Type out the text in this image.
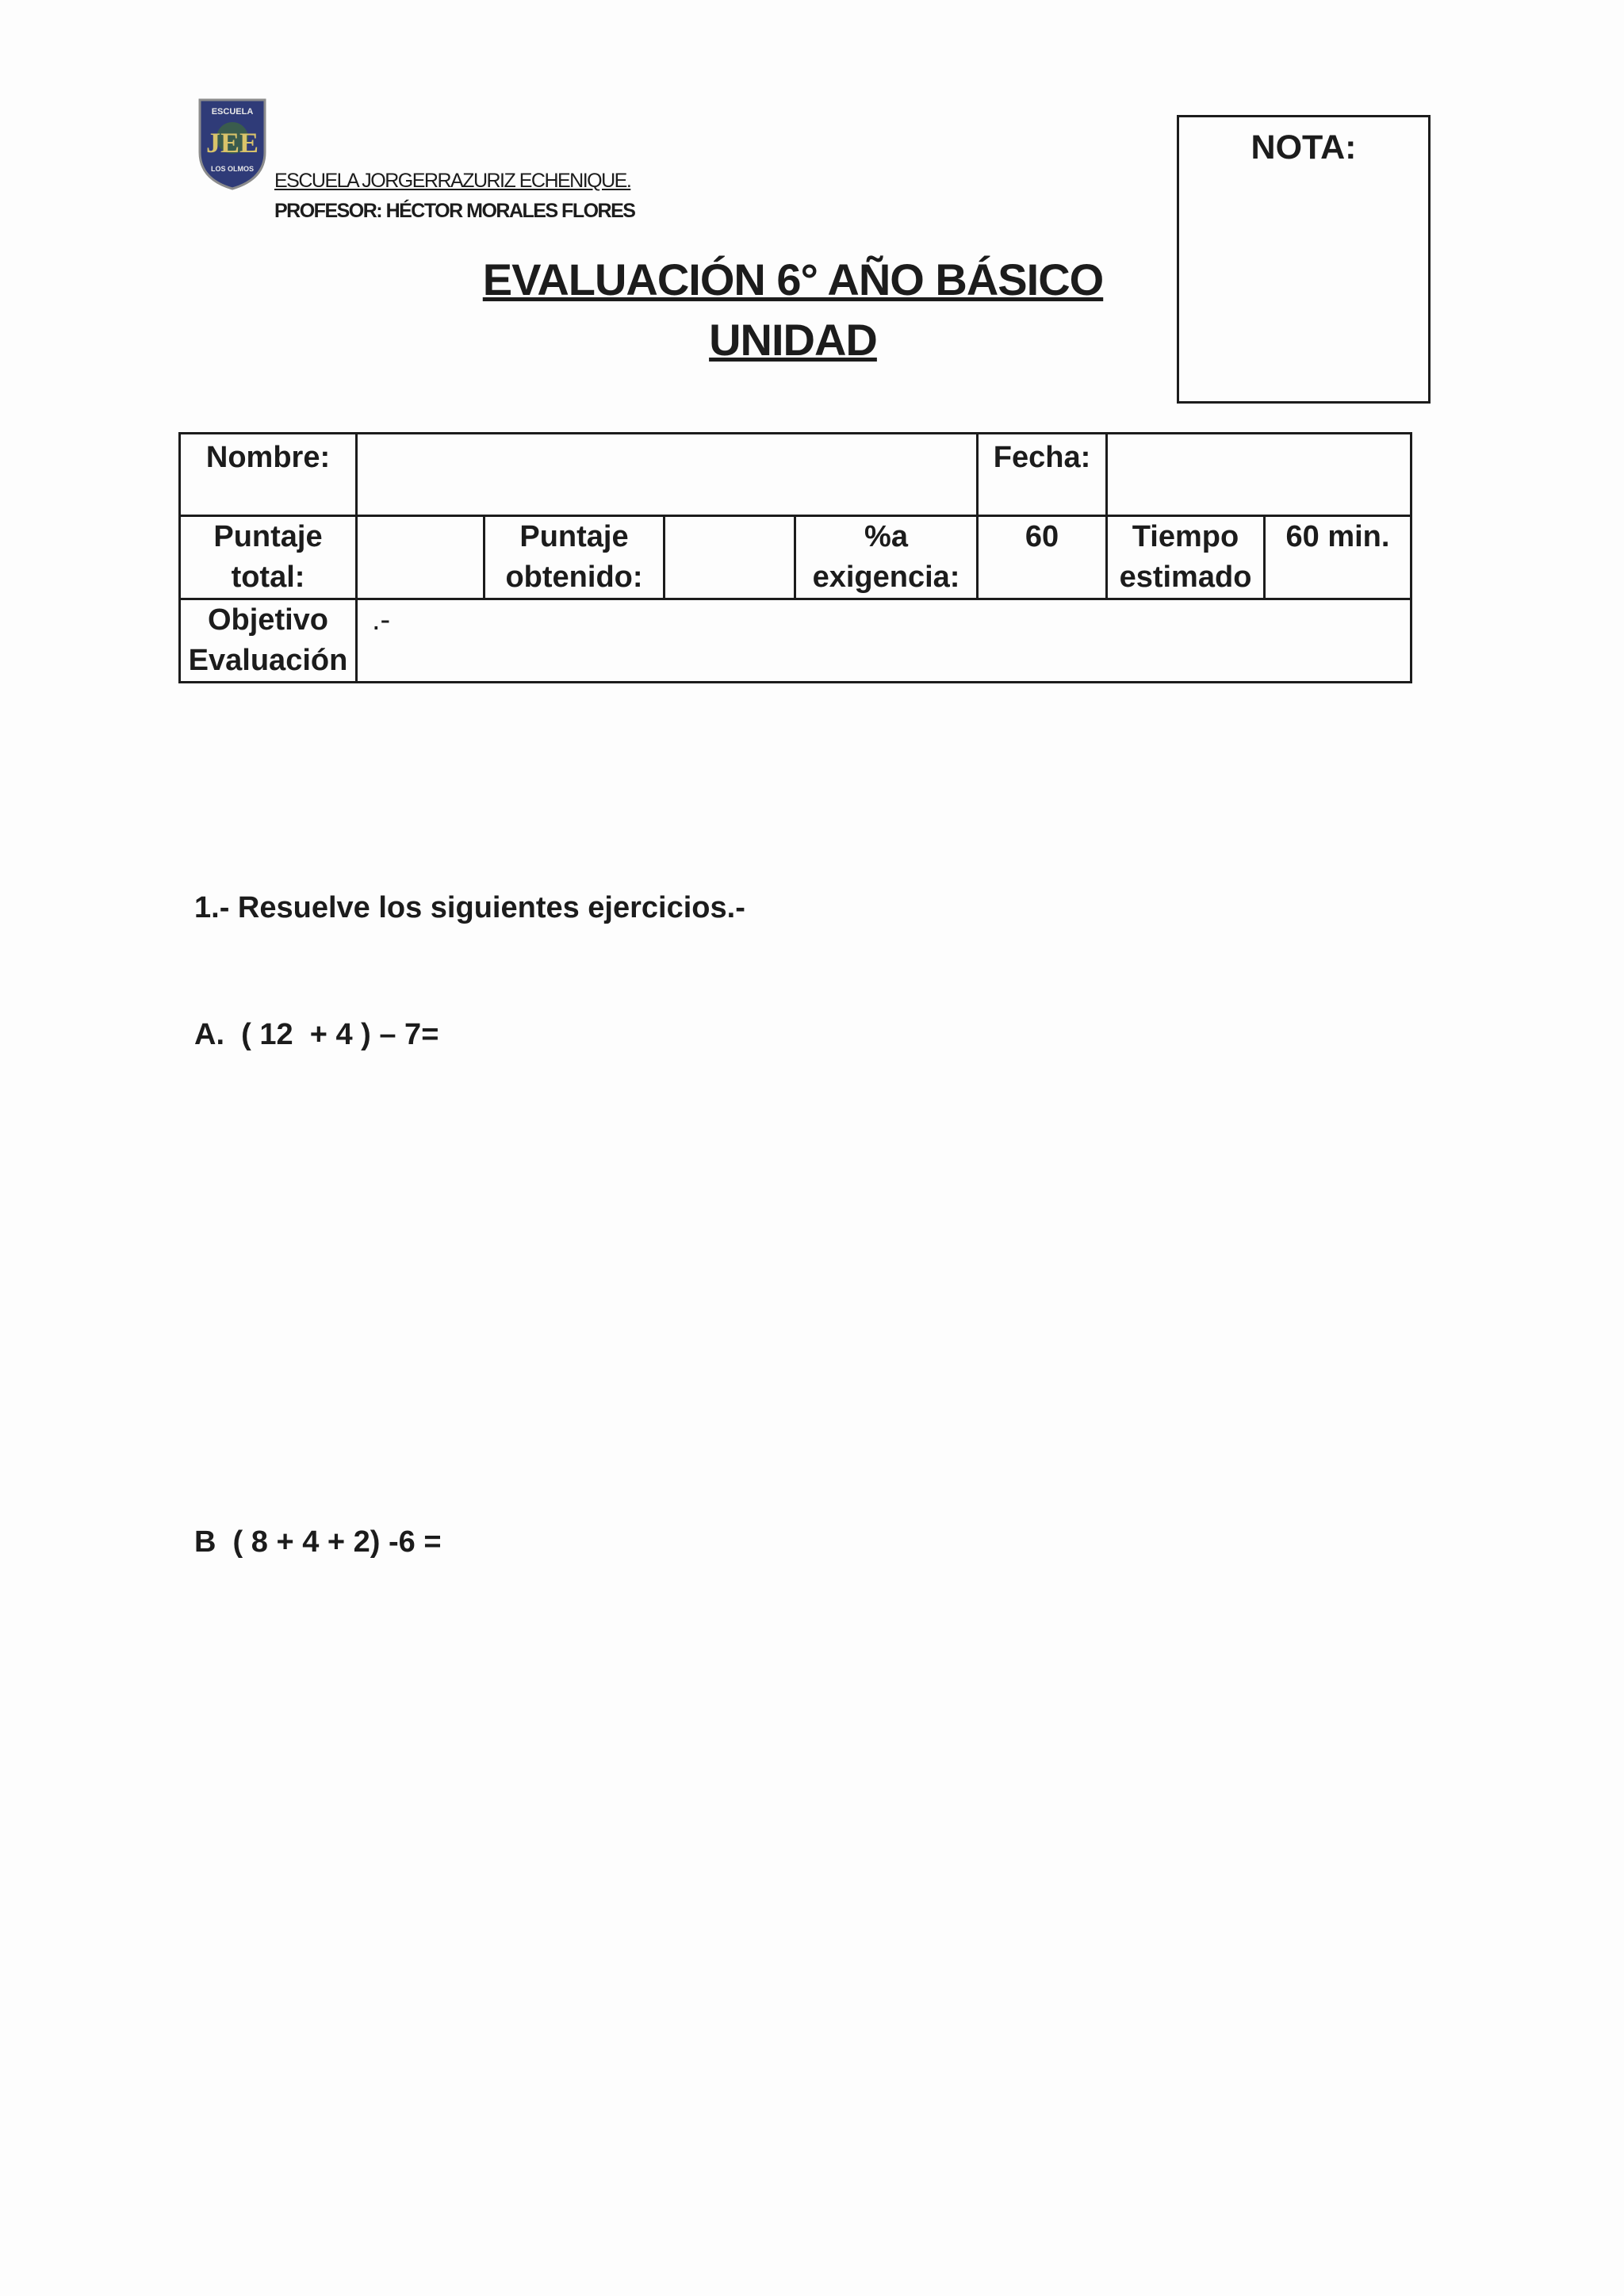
ESCUELA
JEE
LOS OLMOS
ESCUELA JORGERRAZURIZ ECHENIQUE.
PROFESOR: HÉCTOR MORALES FLORES
EVALUACIÓN 6° AÑO BÁSICO
UNIDAD
NOTA:
Nombre:					Fecha:		
Puntaje total:		Puntaje obtenido:		%a exigencia:	60	Tiempo estimado	60 min.
Objetivo Evaluación	.-						
1.- Resuelve los siguientes ejercicios.-
A.  ( 12  + 4 ) – 7=
B  ( 8 + 4 + 2) -6 =
